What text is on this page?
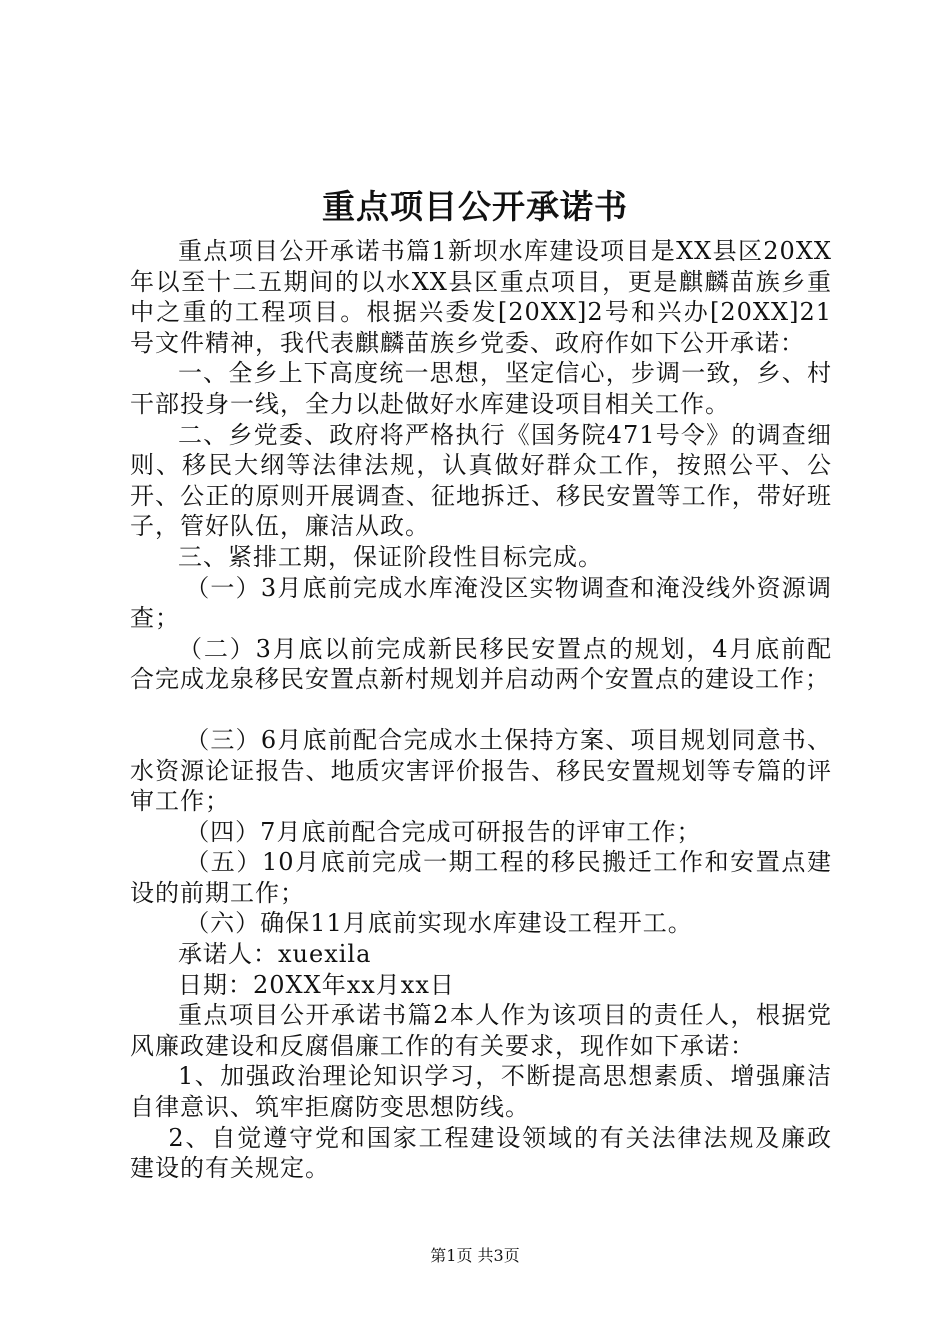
重点项目公开承诺书

重点项目公开承诺书篇1新坝水库建设项目是XX县区20XX年以至十二五期间的以水XX县区重点项目，更是麒麟苗族乡重中之重的工程项目。根据兴委发[20XX]2号和兴办[20XX]21号文件精神，我代表麒麟苗族乡党委、政府作如下公开承诺：

一、全乡上下高度统一思想，坚定信心，步调一致，乡、村干部投身一线，全力以赴做好水库建设项目相关工作。

二、乡党委、政府将严格执行《国务院471号令》的调查细则、移民大纲等法律法规，认真做好群众工作，按照公平、公开、公正的原则开展调查、征地拆迁、移民安置等工作，带好班子，管好队伍，廉洁从政。

三、紧排工期，保证阶段性目标完成。

（一）3月底前完成水库淹没区实物调查和淹没线外资源调查；

（二）3月底以前完成新民移民安置点的规划，4月底前配合完成龙泉移民安置点新村规划并启动两个安置点的建设工作；

（三）6月底前配合完成水土保持方案、项目规划同意书、水资源论证报告、地质灾害评价报告、移民安置规划等专篇的评审工作；

（四）7月底前配合完成可研报告的评审工作；

（五）10月底前完成一期工程的移民搬迁工作和安置点建设的前期工作；

（六）确保11月底前实现水库建设工程开工。

承诺人：xuexila

日期：20XX年xx月xx日

重点项目公开承诺书篇2本人作为该项目的责任人，根据党风廉政建设和反腐倡廉工作的有关要求，现作如下承诺：

1、加强政治理论知识学习，不断提高思想素质、增强廉洁自律意识、筑牢拒腐防变思想防线。

2、自觉遵守党和国家工程建设领域的有关法律法规及廉政建设的有关规定。

第1页 共3页
